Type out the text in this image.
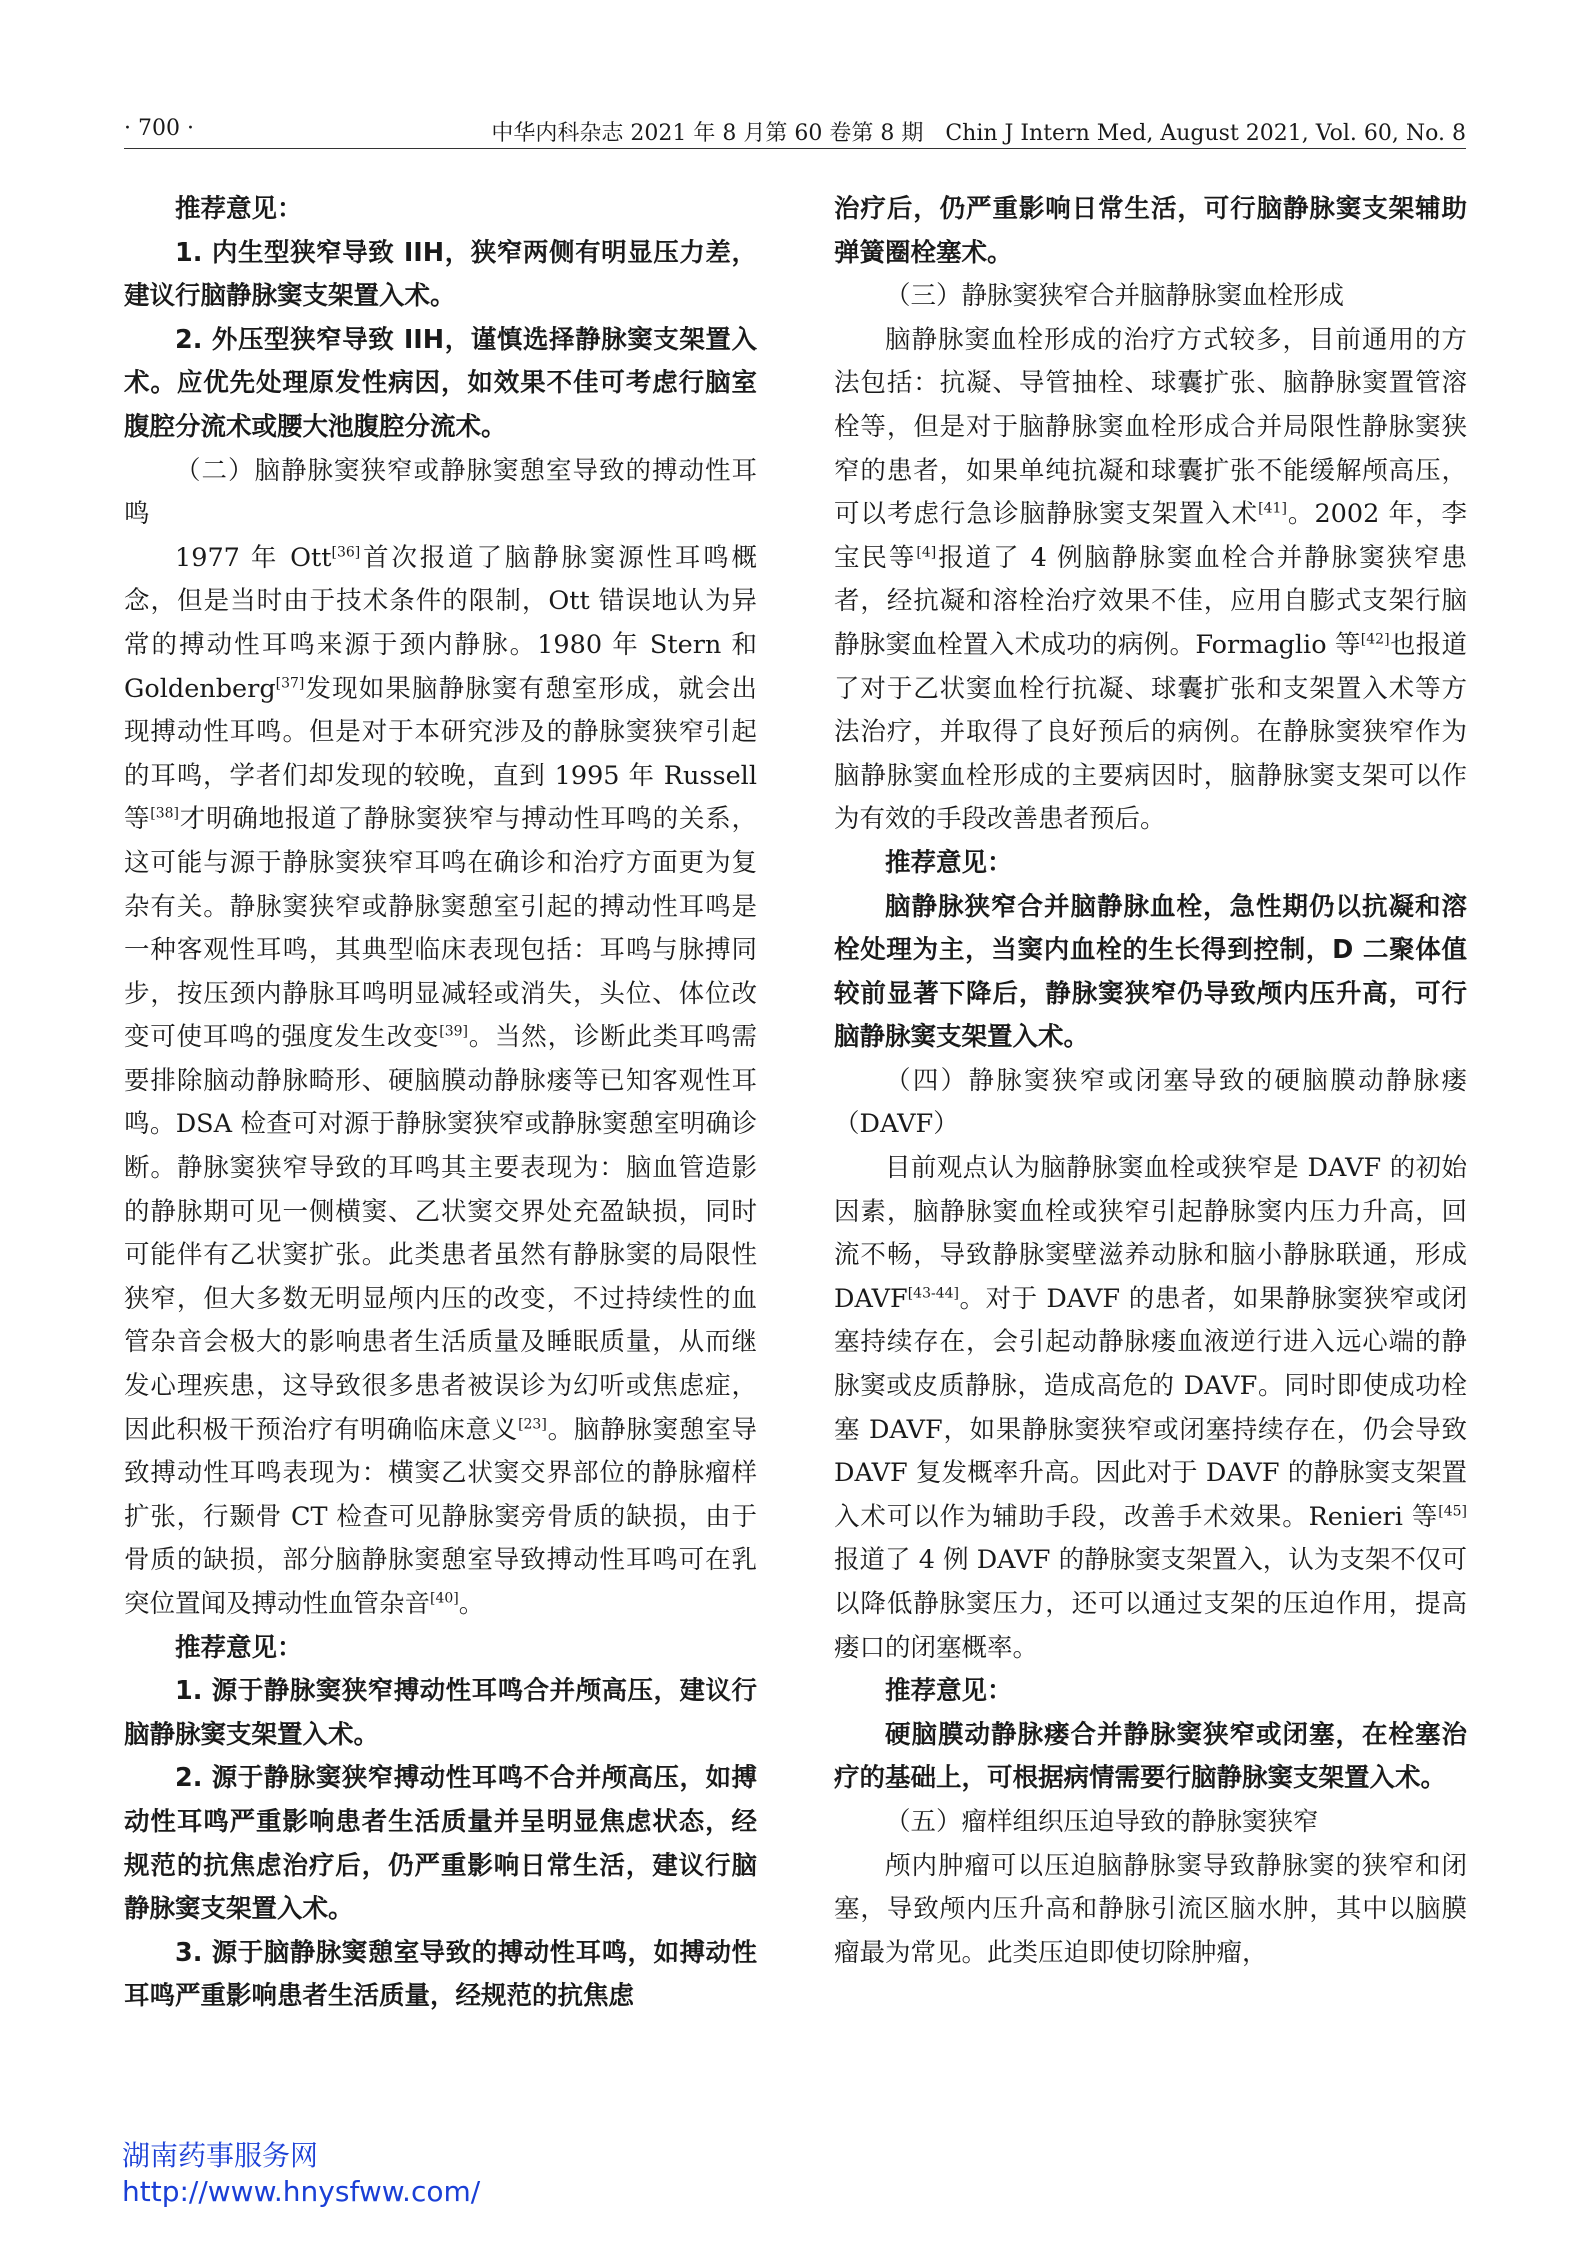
· 700 ·	中华内科杂志 2021 年 8 月第 60 卷第 8 期　Chin J Intern Med, August 2021, Vol. 60, No. 8

推荐意见：

1. 内生型狭窄导致 IIH，狭窄两侧有明显压力差，建议行脑静脉窦支架置入术。

2. 外压型狭窄导致 IIH，谨慎选择静脉窦支架置入术。应优先处理原发性病因，如效果不佳可考虑行脑室腹腔分流术或腰大池腹腔分流术。

（二）脑静脉窦狭窄或静脉窦憩室导致的搏动性耳鸣

1977 年 Ott[36]首次报道了脑静脉窦源性耳鸣概念，但是当时由于技术条件的限制，Ott 错误地认为异常的搏动性耳鸣来源于颈内静脉。1980 年 Stern 和 Goldenberg[37]发现如果脑静脉窦有憩室形成，就会出现搏动性耳鸣。但是对于本研究涉及的静脉窦狭窄引起的耳鸣，学者们却发现的较晚，直到 1995 年 Russell 等[38]才明确地报道了静脉窦狭窄与搏动性耳鸣的关系，这可能与源于静脉窦狭窄耳鸣在确诊和治疗方面更为复杂有关。静脉窦狭窄或静脉窦憩室引起的搏动性耳鸣是一种客观性耳鸣，其典型临床表现包括：耳鸣与脉搏同步，按压颈内静脉耳鸣明显减轻或消失，头位、体位改变可使耳鸣的强度发生改变[39]。当然，诊断此类耳鸣需要排除脑动静脉畸形、硬脑膜动静脉瘘等已知客观性耳鸣。DSA 检查可对源于静脉窦狭窄或静脉窦憩室明确诊断。静脉窦狭窄导致的耳鸣其主要表现为：脑血管造影的静脉期可见一侧横窦、乙状窦交界处充盈缺损，同时可能伴有乙状窦扩张。此类患者虽然有静脉窦的局限性狭窄，但大多数无明显颅内压的改变，不过持续性的血管杂音会极大的影响患者生活质量及睡眠质量，从而继发心理疾患，这导致很多患者被误诊为幻听或焦虑症，因此积极干预治疗有明确临床意义[23]。脑静脉窦憩室导致搏动性耳鸣表现为：横窦乙状窦交界部位的静脉瘤样扩张，行颞骨 CT 检查可见静脉窦旁骨质的缺损，由于骨质的缺损，部分脑静脉窦憩室导致搏动性耳鸣可在乳突位置闻及搏动性血管杂音[40]。

推荐意见：

1. 源于静脉窦狭窄搏动性耳鸣合并颅高压，建议行脑静脉窦支架置入术。

2. 源于静脉窦狭窄搏动性耳鸣不合并颅高压，如搏动性耳鸣严重影响患者生活质量并呈明显焦虑状态，经规范的抗焦虑治疗后，仍严重影响日常生活，建议行脑静脉窦支架置入术。

3. 源于脑静脉窦憩室导致的搏动性耳鸣，如搏动性耳鸣严重影响患者生活质量，经规范的抗焦虑

治疗后，仍严重影响日常生活，可行脑静脉窦支架辅助弹簧圈栓塞术。

（三）静脉窦狭窄合并脑静脉窦血栓形成

脑静脉窦血栓形成的治疗方式较多，目前通用的方法包括：抗凝、导管抽栓、球囊扩张、脑静脉窦置管溶栓等，但是对于脑静脉窦血栓形成合并局限性静脉窦狭窄的患者，如果单纯抗凝和球囊扩张不能缓解颅高压，可以考虑行急诊脑静脉窦支架置入术[41]。2002 年，李宝民等[4]报道了 4 例脑静脉窦血栓合并静脉窦狭窄患者，经抗凝和溶栓治疗效果不佳，应用自膨式支架行脑静脉窦血栓置入术成功的病例。Formaglio 等[42]也报道了对于乙状窦血栓行抗凝、球囊扩张和支架置入术等方法治疗，并取得了良好预后的病例。在静脉窦狭窄作为脑静脉窦血栓形成的主要病因时，脑静脉窦支架可以作为有效的手段改善患者预后。

推荐意见：

脑静脉狭窄合并脑静脉血栓，急性期仍以抗凝和溶栓处理为主，当窦内血栓的生长得到控制，D 二聚体值较前显著下降后，静脉窦狭窄仍导致颅内压升高，可行脑静脉窦支架置入术。

（四）静脉窦狭窄或闭塞导致的硬脑膜动静脉瘘（DAVF）

目前观点认为脑静脉窦血栓或狭窄是 DAVF 的初始因素，脑静脉窦血栓或狭窄引起静脉窦内压力升高，回流不畅，导致静脉窦壁滋养动脉和脑小静脉联通，形成 DAVF[43-44]。对于 DAVF 的患者，如果静脉窦狭窄或闭塞持续存在，会引起动静脉瘘血液逆行进入远心端的静脉窦或皮质静脉，造成高危的 DAVF。同时即使成功栓塞 DAVF，如果静脉窦狭窄或闭塞持续存在，仍会导致 DAVF 复发概率升高。因此对于 DAVF 的静脉窦支架置入术可以作为辅助手段，改善手术效果。Renieri 等[45]报道了 4 例 DAVF 的静脉窦支架置入，认为支架不仅可以降低静脉窦压力，还可以通过支架的压迫作用，提高瘘口的闭塞概率。

推荐意见：

硬脑膜动静脉瘘合并静脉窦狭窄或闭塞，在栓塞治疗的基础上，可根据病情需要行脑静脉窦支架置入术。

（五）瘤样组织压迫导致的静脉窦狭窄

颅内肿瘤可以压迫脑静脉窦导致静脉窦的狭窄和闭塞，导致颅内压升高和静脉引流区脑水肿，其中以脑膜瘤最为常见。此类压迫即使切除肿瘤，

湖南药事服务网
http://www.hnysfww.com/
